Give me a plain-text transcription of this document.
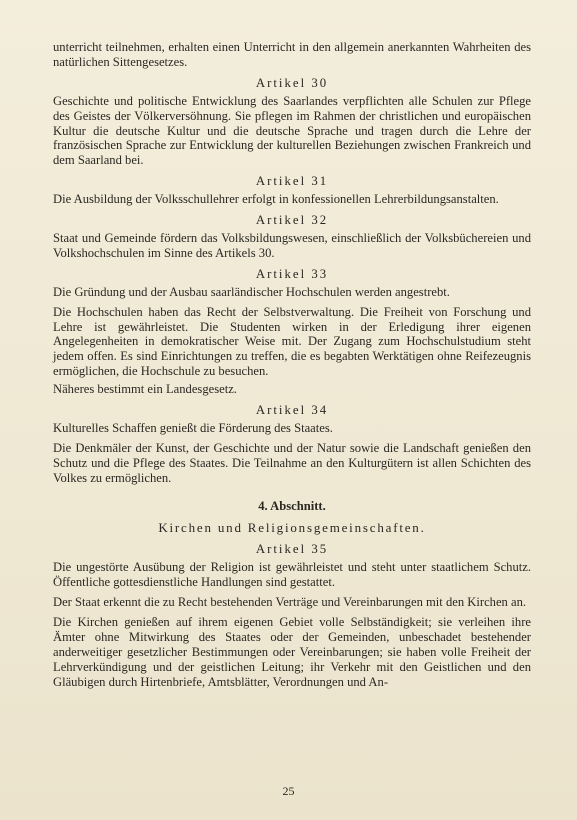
unterricht teilnehmen, erhalten einen Unterricht in den allgemein anerkannten Wahrheiten des natürlichen Sittengesetzes.

Artikel 30

Geschichte und politische Entwicklung des Saarlandes verpflichten alle Schulen zur Pflege des Geistes der Völkerversöhnung. Sie pflegen im Rahmen der christlichen und europäischen Kultur die deutsche Kultur und die deutsche Sprache und tragen durch die Lehre der französischen Sprache zur Entwicklung der kulturellen Beziehungen zwischen Frankreich und dem Saarland bei.

Artikel 31

Die Ausbildung der Volksschullehrer erfolgt in konfessionellen Lehrerbildungsanstalten.

Artikel 32

Staat und Gemeinde fördern das Volksbildungswesen, einschließlich der Volksbüchereien und Volkshochschulen im Sinne des Artikels 30.

Artikel 33

Die Gründung und der Ausbau saarländischer Hochschulen werden angestrebt.

Die Hochschulen haben das Recht der Selbstverwaltung. Die Freiheit von Forschung und Lehre ist gewährleistet. Die Studenten wirken in der Erledigung ihrer eigenen Angelegenheiten in demokratischer Weise mit. Der Zugang zum Hochschulstudium steht jedem offen. Es sind Einrichtungen zu treffen, die es begabten Werktätigen ohne Reifezeugnis ermöglichen, die Hochschule zu besuchen.

Näheres bestimmt ein Landesgesetz.

Artikel 34

Kulturelles Schaffen genießt die Förderung des Staates.

Die Denkmäler der Kunst, der Geschichte und der Natur sowie die Landschaft genießen den Schutz und die Pflege des Staates. Die Teilnahme an den Kulturgütern ist allen Schichten des Volkes zu ermöglichen.

4. Abschnitt.
Kirchen und Religionsgemeinschaften.
Artikel 35

Die ungestörte Ausübung der Religion ist gewährleistet und steht unter staatlichem Schutz. Öffentliche gottesdienstliche Handlungen sind gestattet.

Der Staat erkennt die zu Recht bestehenden Verträge und Vereinbarungen mit den Kirchen an.

Die Kirchen genießen auf ihrem eigenen Gebiet volle Selbständigkeit; sie verleihen ihre Ämter ohne Mitwirkung des Staates oder der Gemeinden, unbeschadet bestehender anderweitiger gesetzlicher Bestimmungen oder Vereinbarungen; sie haben volle Freiheit der Lehrverkündigung und der geistlichen Leitung; ihr Verkehr mit den Geistlichen und den Gläubigen durch Hirtenbriefe, Amtsblätter, Verordnungen und An-

25
